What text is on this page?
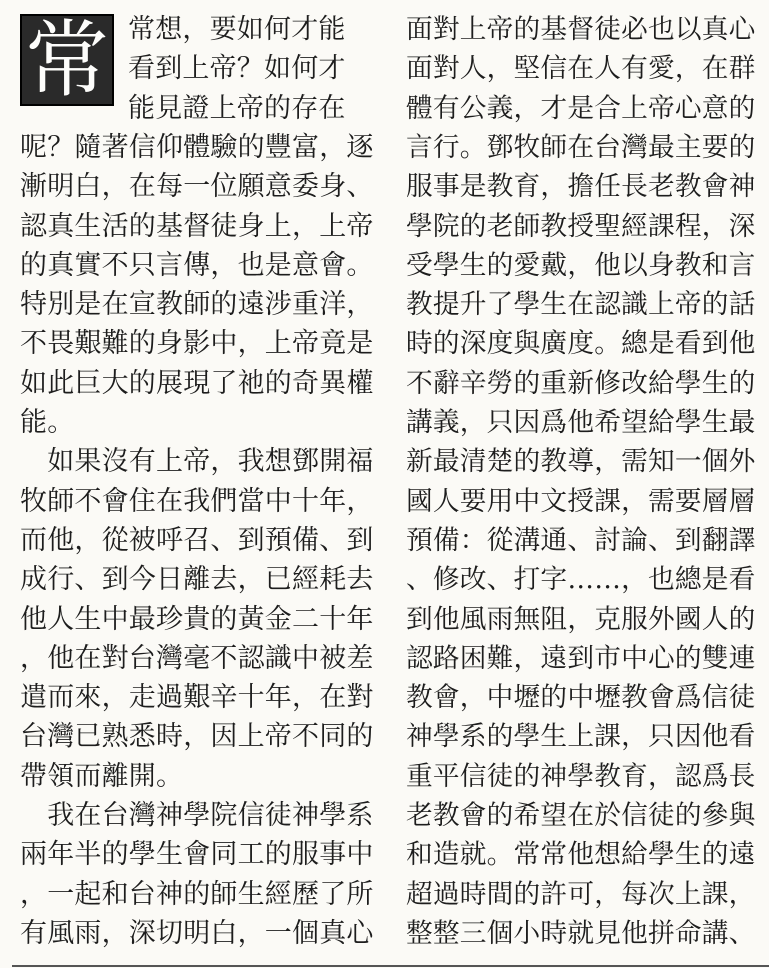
常 常想，要如何才能
看到上帝？如何才
能見證上帝的存在
呢？隨著信仰體驗的豐富，逐
漸明白，在每一位願意委身、
認真生活的基督徒身上，上帝
的真實不只言傳，也是意會。
特別是在宣教師的遠涉重洋，
不畏艱難的身影中，上帝竟是
如此巨大的展現了祂的奇異權
能。
　如果沒有上帝，我想鄧開福
牧師不會住在我們當中十年，
而他，從被呼召、到預備、到
成行、到今日離去，已經耗去
他人生中最珍貴的黃金二十年
，他在對台灣毫不認識中被差
遣而來，走過艱辛十年，在對
台灣已熟悉時，因上帝不同的
帶領而離開。
　我在台灣神學院信徒神學系
兩年半的學生會同工的服事中
，一起和台神的師生經歷了所
有風雨，深切明白，一個真心
面對上帝的基督徒必也以真心
面對人，堅信在人有愛，在群
體有公義，才是合上帝心意的
言行。鄧牧師在台灣最主要的
服事是教育，擔任長老教會神
學院的老師教授聖經課程，深
受學生的愛戴，他以身教和言
教提升了學生在認識上帝的話
時的深度與廣度。總是看到他
不辭辛勞的重新修改給學生的
講義，只因爲他希望給學生最
新最清楚的教導，需知一個外
國人要用中文授課，需要層層
預備：從溝通、討論、到翻譯
、修改、打字……，也總是看
到他風雨無阻，克服外國人的
認路困難，遠到市中心的雙連
教會，中壢的中壢教會爲信徒
神學系的學生上課，只因他看
重平信徒的神學教育，認爲長
老教會的希望在於信徒的參與
和造就。常常他想給學生的遠
超過時間的許可，每次上課，
整整三個小時就見他拼命講、
